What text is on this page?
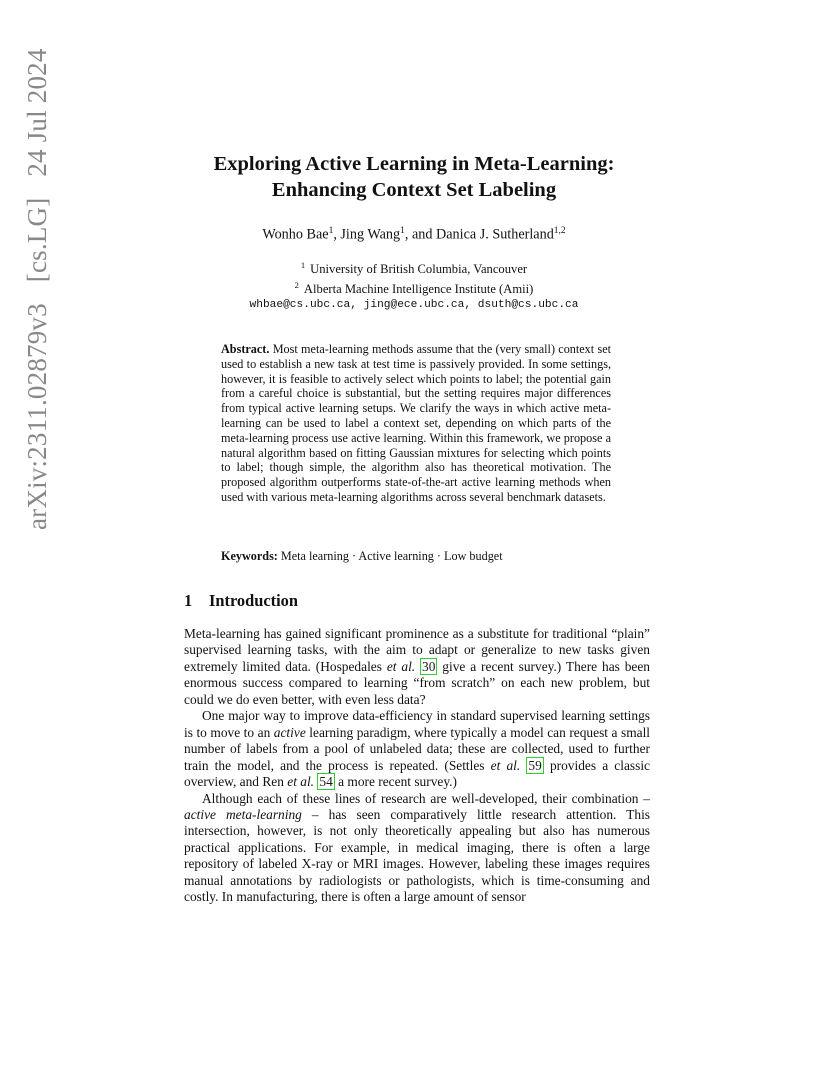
arXiv:2311.02879v3 [cs.LG] 24 Jul 2024	Exploring Active Learning in Meta-Learning:
Enhancing Context Set Labeling
Wonho Bae$^1$, Jing Wang$^1$, and Danica J. Sutherland$^{1,2}$
$^1$ University of British Columbia, Vancouver
$^2$ Alberta Machine Intelligence Institute (Amii)
whbae@cs.ubc.ca, jing@ece.ubc.ca, dsuth@cs.ubc.ca
Abstract. Most meta-learning methods assume that the (very small) context set used to establish a new task at test time is passively provided. In some settings, however, it is feasible to actively select which points to label; the potential gain from a careful choice is substantial, but the setting requires major differences from typical active learning setups. We clarify the ways in which active meta-learning can be used to label a context set, depending on which parts of the meta-learning process use active learning. Within this framework, we propose a natural algorithm based on fitting Gaussian mixtures for selecting which points to label; though simple, the algorithm also has theoretical motivation. The proposed algorithm outperforms state-of-the-art active learning methods when used with various meta-learning algorithms across several benchmark datasets.
Keywords: Meta learning · Active learning · Low budget
1 Introduction

Meta-learning has gained significant prominence as a substitute for traditional “plain” supervised learning tasks, with the aim to adapt or generalize to new tasks given extremely limited data. (Hospedales et al. 30 give a recent survey.) There has been enormous success compared to learning “from scratch” on each new problem, but could we do even better, with even less data?

One major way to improve data-efficiency in standard supervised learning settings is to move to an active learning paradigm, where typically a model can request a small number of labels from a pool of unlabeled data; these are collected, used to further train the model, and the process is repeated. (Settles et al. 59 provides a classic overview, and Ren et al. 54 a more recent survey.)

Although each of these lines of research are well-developed, their combination – active meta-learning – has seen comparatively little research attention. This intersection, however, is not only theoretically appealing but also has numerous practical applications. For example, in medical imaging, there is often a large repository of labeled X-ray or MRI images. However, labeling these images requires manual annotations by radiologists or pathologists, which is time-consuming and costly. In manufacturing, there is often a large amount of sensor
